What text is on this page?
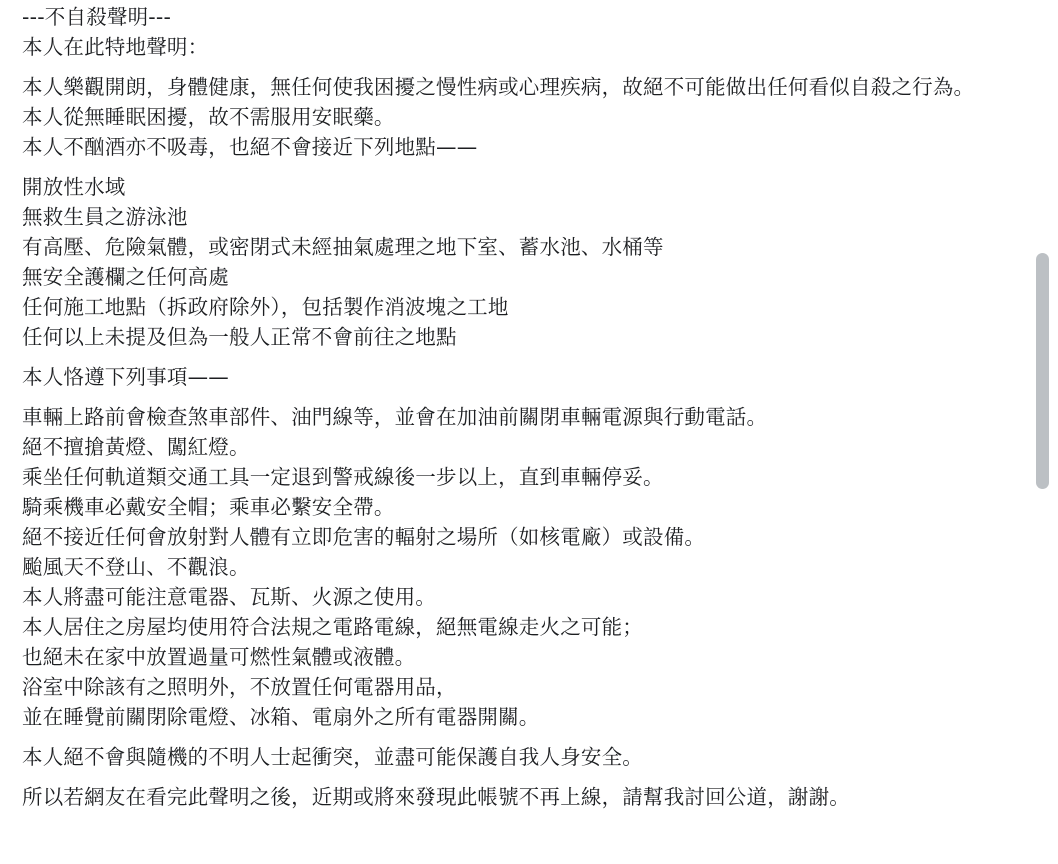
---不自殺聲明---
本人在此特地聲明：
本人樂觀開朗，身體健康，無任何使我困擾之慢性病或心理疾病，故絕不可能做出任何看似自殺之行為。
本人從無睡眠困擾，故不需服用安眠藥。
本人不酗酒亦不吸毒，也絕不會接近下列地點——
開放性水域
無救生員之游泳池
有高壓、危險氣體，或密閉式未經抽氣處理之地下室、蓄水池、水桶等
無安全護欄之任何高處
任何施工地點（拆政府除外），包括製作消波塊之工地
任何以上未提及但為一般人正常不會前往之地點
本人恪遵下列事項——
車輛上路前會檢查煞車部件、油門線等，並會在加油前關閉車輛電源與行動電話。
絕不擅搶黃燈、闖紅燈。
乘坐任何軌道類交通工具一定退到警戒線後一步以上，直到車輛停妥。
騎乘機車必戴安全帽；乘車必繫安全帶。
絕不接近任何會放射對人體有立即危害的輻射之場所（如核電廠）或設備。
颱風天不登山、不觀浪。
本人將盡可能注意電器、瓦斯、火源之使用。
本人居住之房屋均使用符合法規之電路電線，絕無電線走火之可能；
也絕未在家中放置過量可燃性氣體或液體。
浴室中除該有之照明外，不放置任何電器用品，
並在睡覺前關閉除電燈、冰箱、電扇外之所有電器開關。
本人絕不會與隨機的不明人士起衝突，並盡可能保護自我人身安全。
所以若網友在看完此聲明之後，近期或將來發現此帳號不再上線，請幫我討回公道，謝謝。
